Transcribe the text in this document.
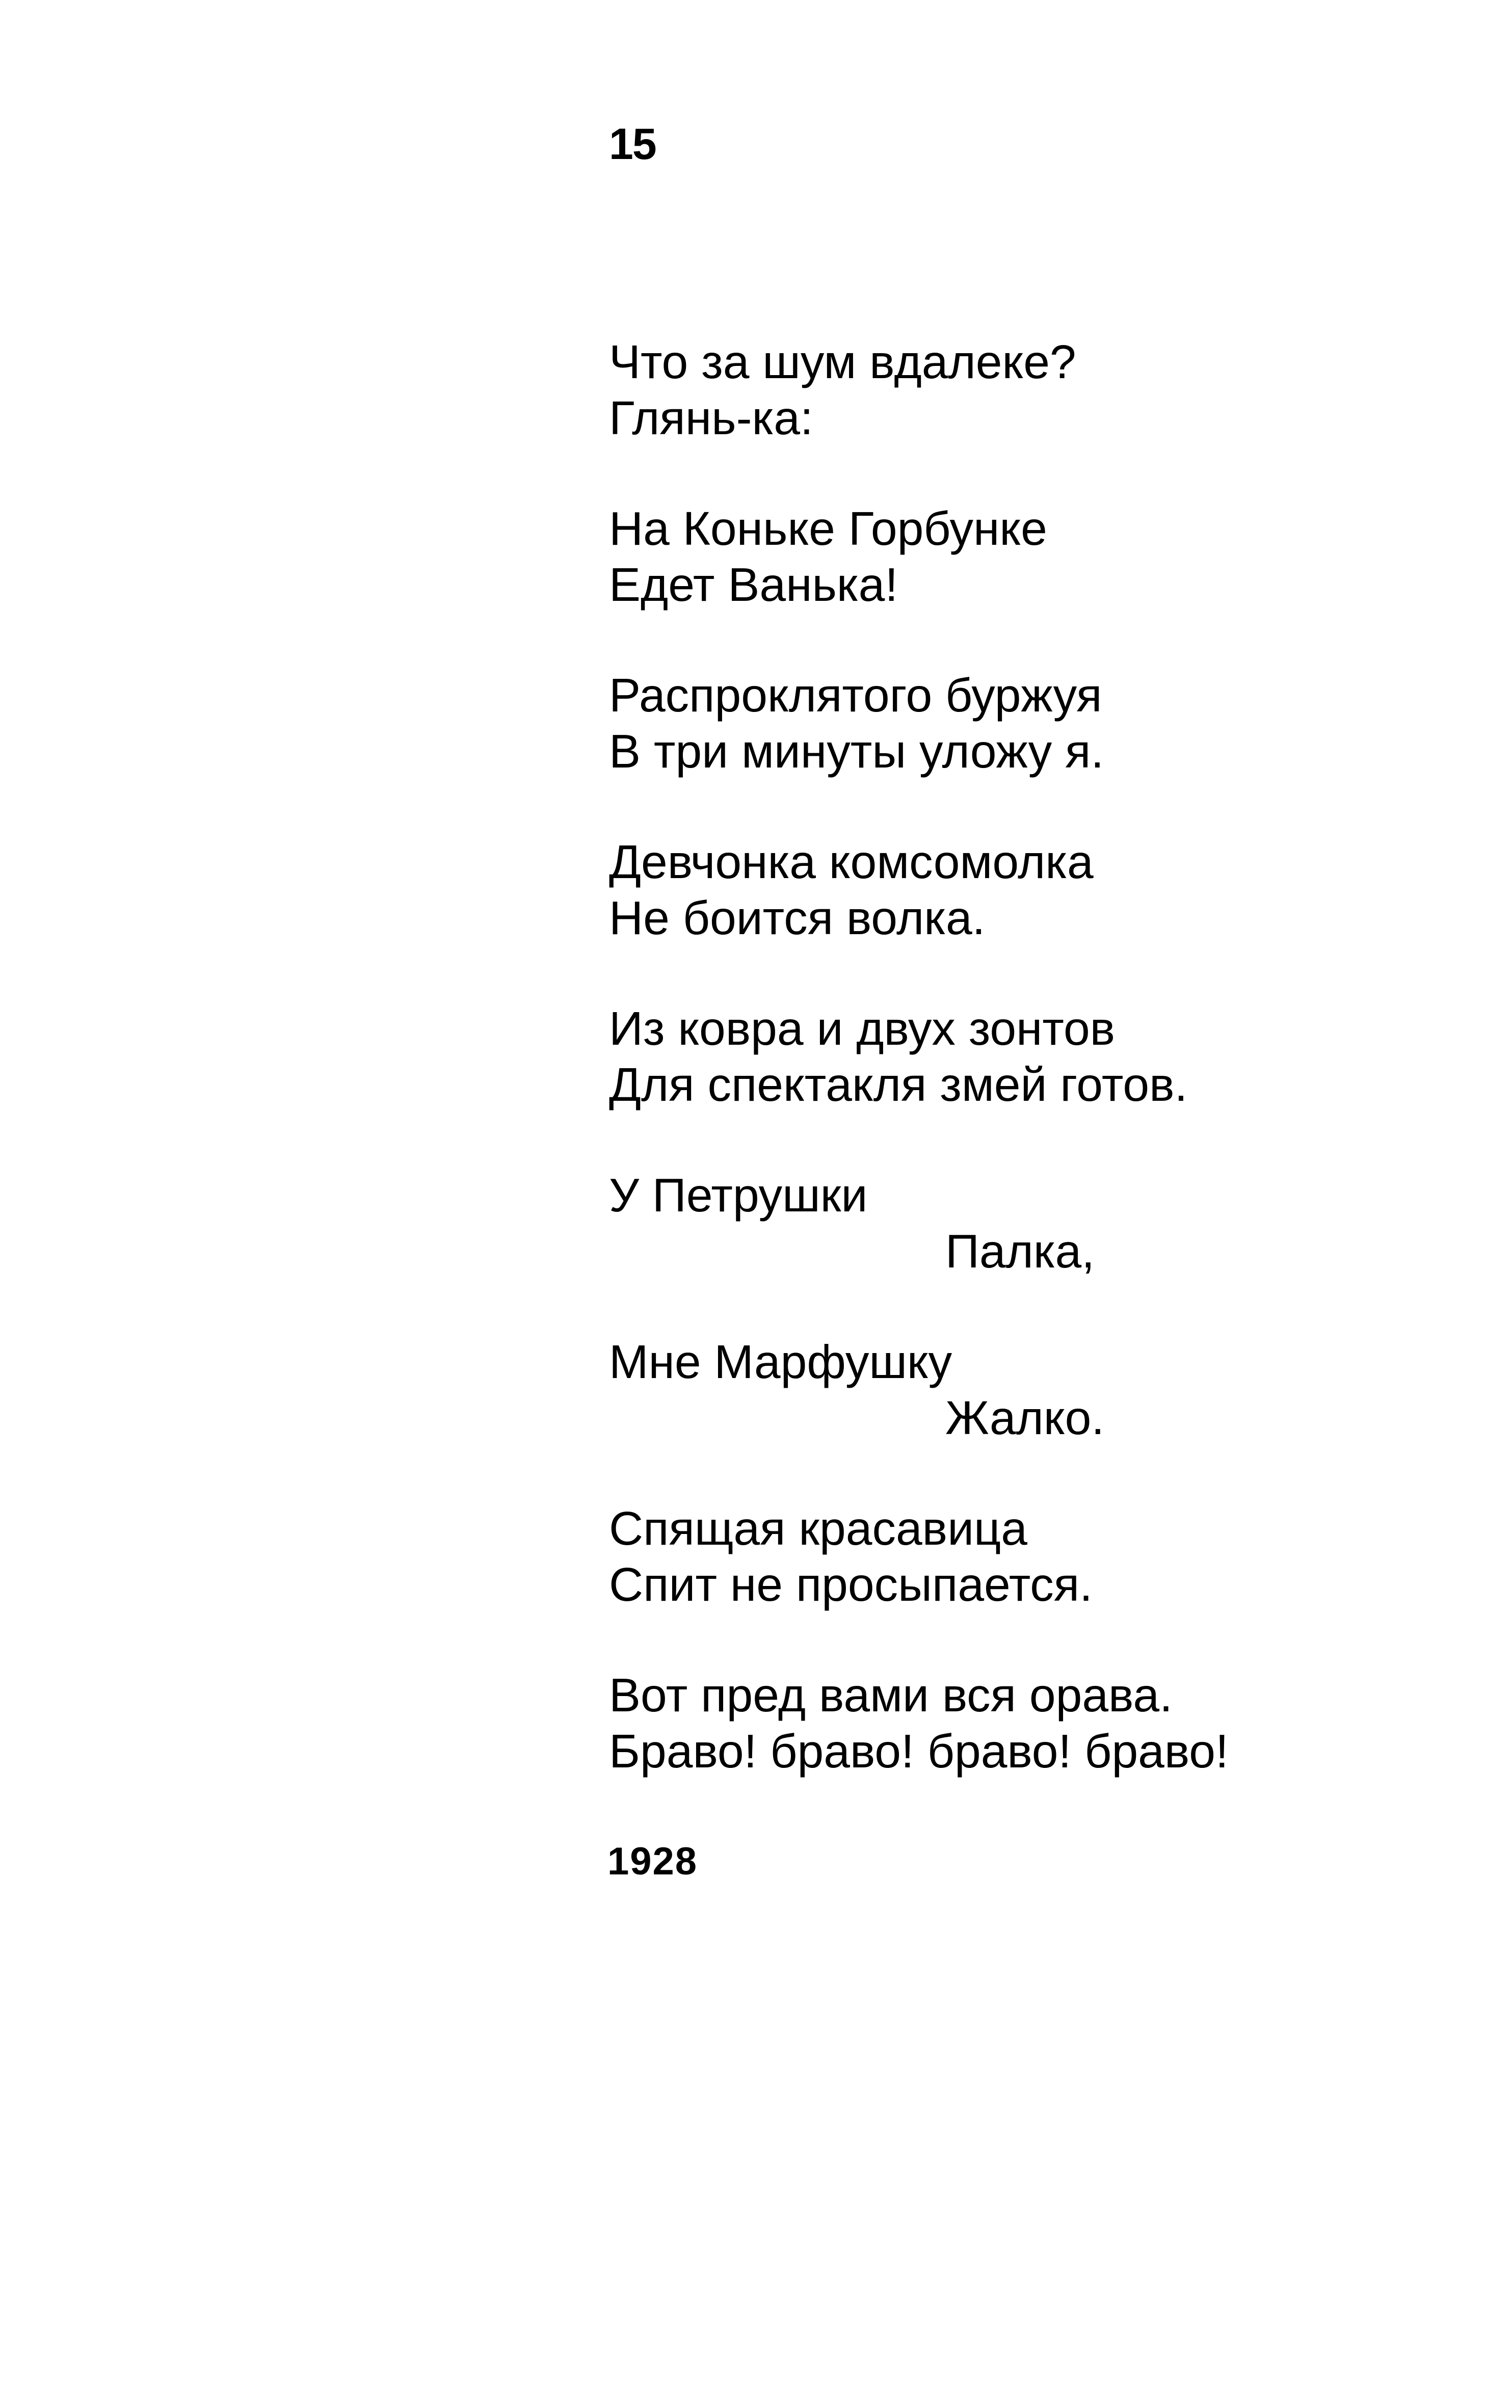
15

Что за шум вдалеке?
Глянь-ка:

На Коньке Горбунке
Едет Ванька!

Распроклятого буржуя
В три минуты уложу я.

Девчонка комсомолка
Не боится волка.

Из ковра и двух зонтов
Для спектакля змей готов.

У Петрушки
Палка,

Мне Марфушку
Жалко.

Спящая красавица
Спит не просыпается.

Вот пред вами вся орава.
Браво! браво! браво! браво!

1928
